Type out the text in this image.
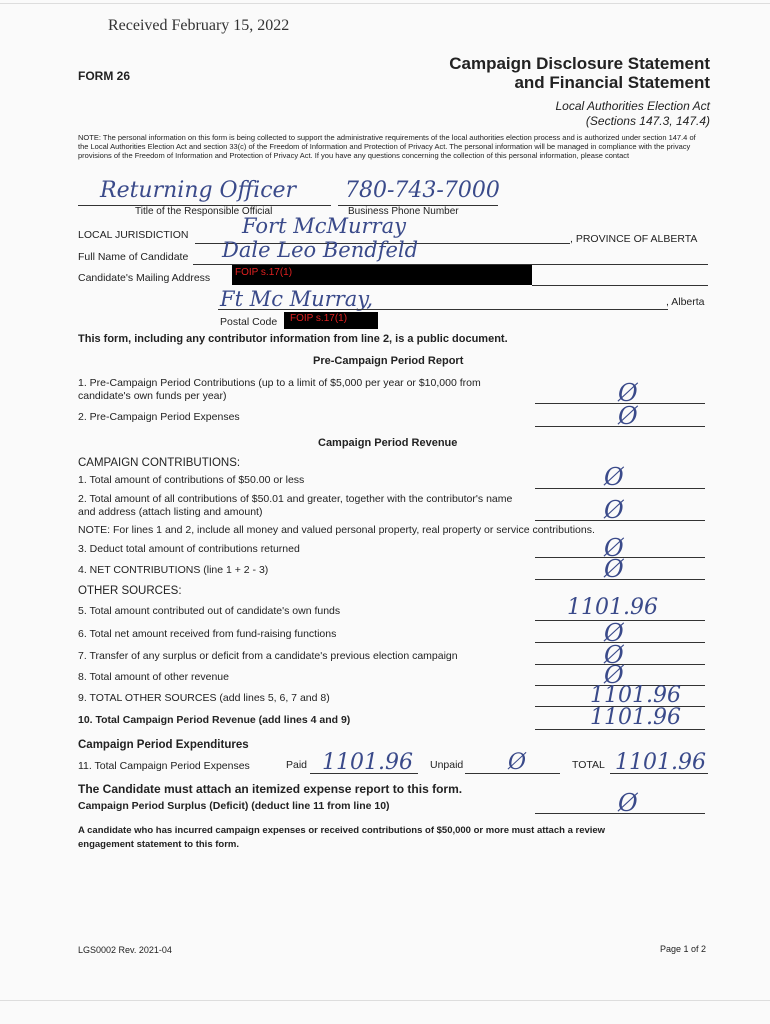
Received February 15, 2022
FORM 26
Campaign Disclosure Statement
and Financial Statement
Local Authorities Election Act
(Sections 147.3, 147.4)
NOTE: The personal information on this form is being collected to support the administrative requirements of the local authorities election process and is authorized under section 147.4 of the Local Authorities Election Act and section 33(c) of the Freedom of Information and Protection of Privacy Act. The personal information will be managed in compliance with the privacy provisions of the Freedom of Information and Protection of Privacy Act. If you have any questions concerning the collection of this personal information, please contact
Returning Officer
Title of the Responsible Official
780-743-7000
Business Phone Number
LOCAL JURISDICTION	Fort McMurray
, PROVINCE OF ALBERTA
Full Name of Candidate Dale Leo Bendfeld
Candidate's Mailing Address FOIP s.17(1)
Ft Mc Murray,	, Alberta
Postal Code FOIP s.17(1)
This form, including any contributor information from line 2, is a public document.
Pre-Campaign Period Report
1. Pre-Campaign Period Contributions (up to a limit of $5,000 per year or $10,000 from
candidate's own funds per year)	Ø
2. Pre-Campaign Period Expenses	Ø
Campaign Period Revenue
CAMPAIGN CONTRIBUTIONS:
1. Total amount of contributions of $50.00 or less	Ø
2. Total amount of all contributions of $50.01 and greater, together with the contributor's name
and address (attach listing and amount)	Ø
NOTE: For lines 1 and 2, include all money and valued personal property, real property or service contributions.
3. Deduct total amount of contributions returned	Ø
4. NET CONTRIBUTIONS (line 1 + 2 - 3)	Ø
OTHER SOURCES:
5. Total amount contributed out of candidate's own funds	1101.96
6. Total net amount received from fund-raising functions	Ø
7. Transfer of any surplus or deficit from a candidate's previous election campaign	Ø
8. Total amount of other revenue	Ø
9. TOTAL OTHER SOURCES (add lines 5, 6, 7 and 8)	1101.96
10. Total Campaign Period Revenue (add lines 4 and 9)	1101.96
Campaign Period Expenditures
11. Total Campaign Period Expenses	Paid 1101.96 Unpaid Ø	TOTAL 1101.96
The Candidate must attach an itemized expense report to this form.
Campaign Period Surplus (Deficit) (deduct line 11 from line 10)	Ø
A candidate who has incurred campaign expenses or received contributions of $50,000 or more must attach a review
engagement statement to this form.
LGS0002 Rev. 2021-04	Page 1 of 2
